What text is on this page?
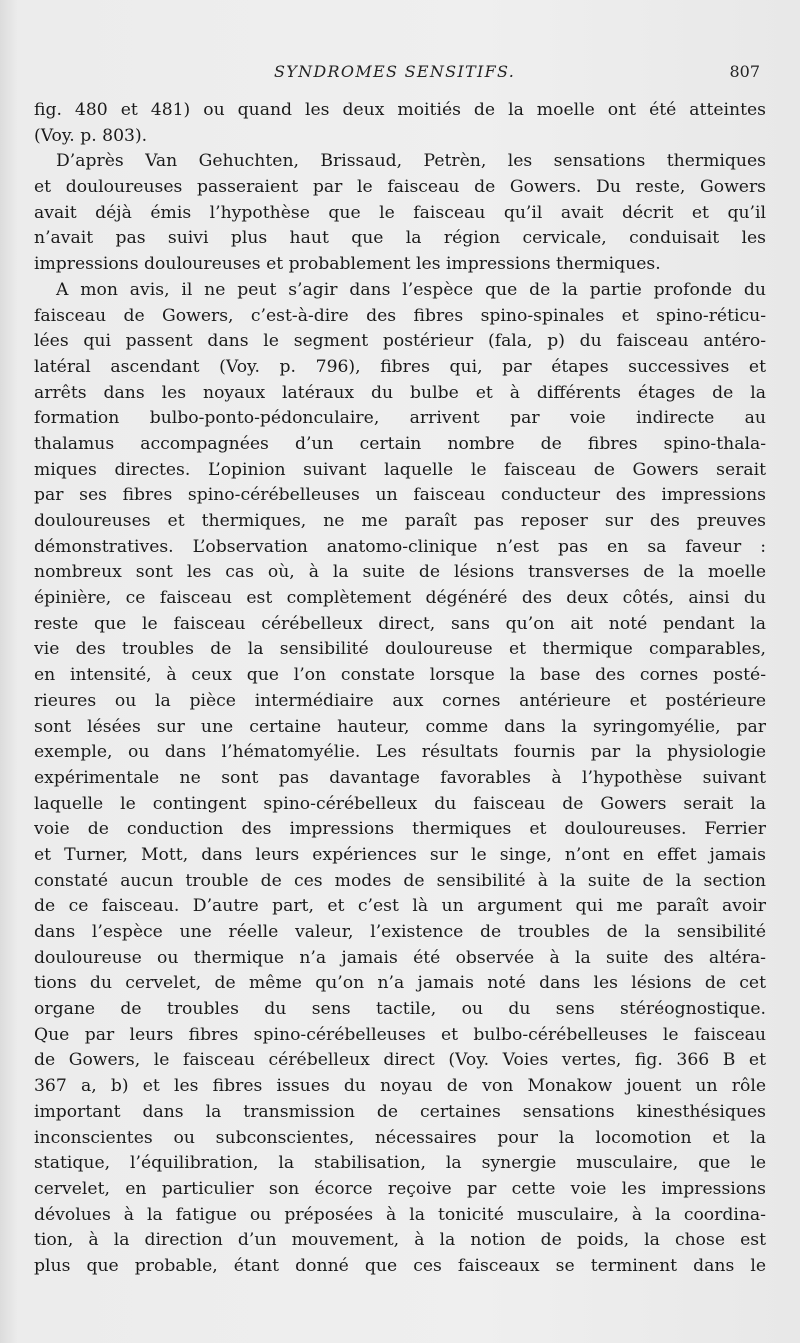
SYNDROMES SENSITIFS.	807
fig. 480 et 481) ou quand les deux moitiés de la moelle ont été atteintes
(Voy. p. 803).
D’après Van Gehuchten, Brissaud, Petrèn, les sensations thermiques
et douloureuses passeraient par le faisceau de Gowers. Du reste, Gowers
avait déjà émis l’hypothèse que le faisceau qu’il avait décrit et qu’il
n’avait pas suivi plus haut que la région cervicale, conduisait les
impressions douloureuses et probablement les impressions thermiques.
A mon avis, il ne peut s’agir dans l’espèce que de la partie profonde du
faisceau de Gowers, c’est-à-dire des fibres spino-spinales et spino-réticu-
lées qui passent dans le segment postérieur (fala, p) du faisceau antéro-
latéral ascendant (Voy. p. 796), fibres qui, par étapes successives et
arrêts dans les noyaux latéraux du bulbe et à différents étages de la
formation bulbo-ponto-pédonculaire, arrivent par voie indirecte au
thalamus accompagnées d’un certain nombre de fibres spino-thala-
miques directes. L’opinion suivant laquelle le faisceau de Gowers serait
par ses fibres spino-cérébelleuses un faisceau conducteur des impressions
douloureuses et thermiques, ne me paraît pas reposer sur des preuves
démonstratives. L’observation anatomo-clinique n’est pas en sa faveur :
nombreux sont les cas où, à la suite de lésions transverses de la moelle
épinière, ce faisceau est complètement dégénéré des deux côtés, ainsi du
reste que le faisceau cérébelleux direct, sans qu’on ait noté pendant la
vie des troubles de la sensibilité douloureuse et thermique comparables,
en intensité, à ceux que l’on constate lorsque la base des cornes posté-
rieures ou la pièce intermédiaire aux cornes antérieure et postérieure
sont lésées sur une certaine hauteur, comme dans la syringomyélie, par
exemple, ou dans l’hématomyélie. Les résultats fournis par la physiologie
expérimentale ne sont pas davantage favorables à l’hypothèse suivant
laquelle le contingent spino-cérébelleux du faisceau de Gowers serait la
voie de conduction des impressions thermiques et douloureuses. Ferrier
et Turner, Mott, dans leurs expériences sur le singe, n’ont en effet jamais
constaté aucun trouble de ces modes de sensibilité à la suite de la section
de ce faisceau. D’autre part, et c’est là un argument qui me paraît avoir
dans l’espèce une réelle valeur, l’existence de troubles de la sensibilité
douloureuse ou thermique n’a jamais été observée à la suite des altéra-
tions du cervelet, de même qu’on n’a jamais noté dans les lésions de cet
organe de troubles du sens tactile, ou du sens stéréognostique.
Que par leurs fibres spino-cérébelleuses et bulbo-cérébelleuses le faisceau
de Gowers, le faisceau cérébelleux direct (Voy. Voies vertes, fig. 366 B et
367 a, b) et les fibres issues du noyau de von Monakow jouent un rôle
important dans la transmission de certaines sensations kinesthésiques
inconscientes ou subconscientes, nécessaires pour la locomotion et la
statique, l’équilibration, la stabilisation, la synergie musculaire, que le
cervelet, en particulier son écorce reçoive par cette voie les impressions
dévolues à la fatigue ou préposées à la tonicité musculaire, à la coordina-
tion, à la direction d’un mouvement, à la notion de poids, la chose est
plus que probable, étant donné que ces faisceaux se terminent dans le
